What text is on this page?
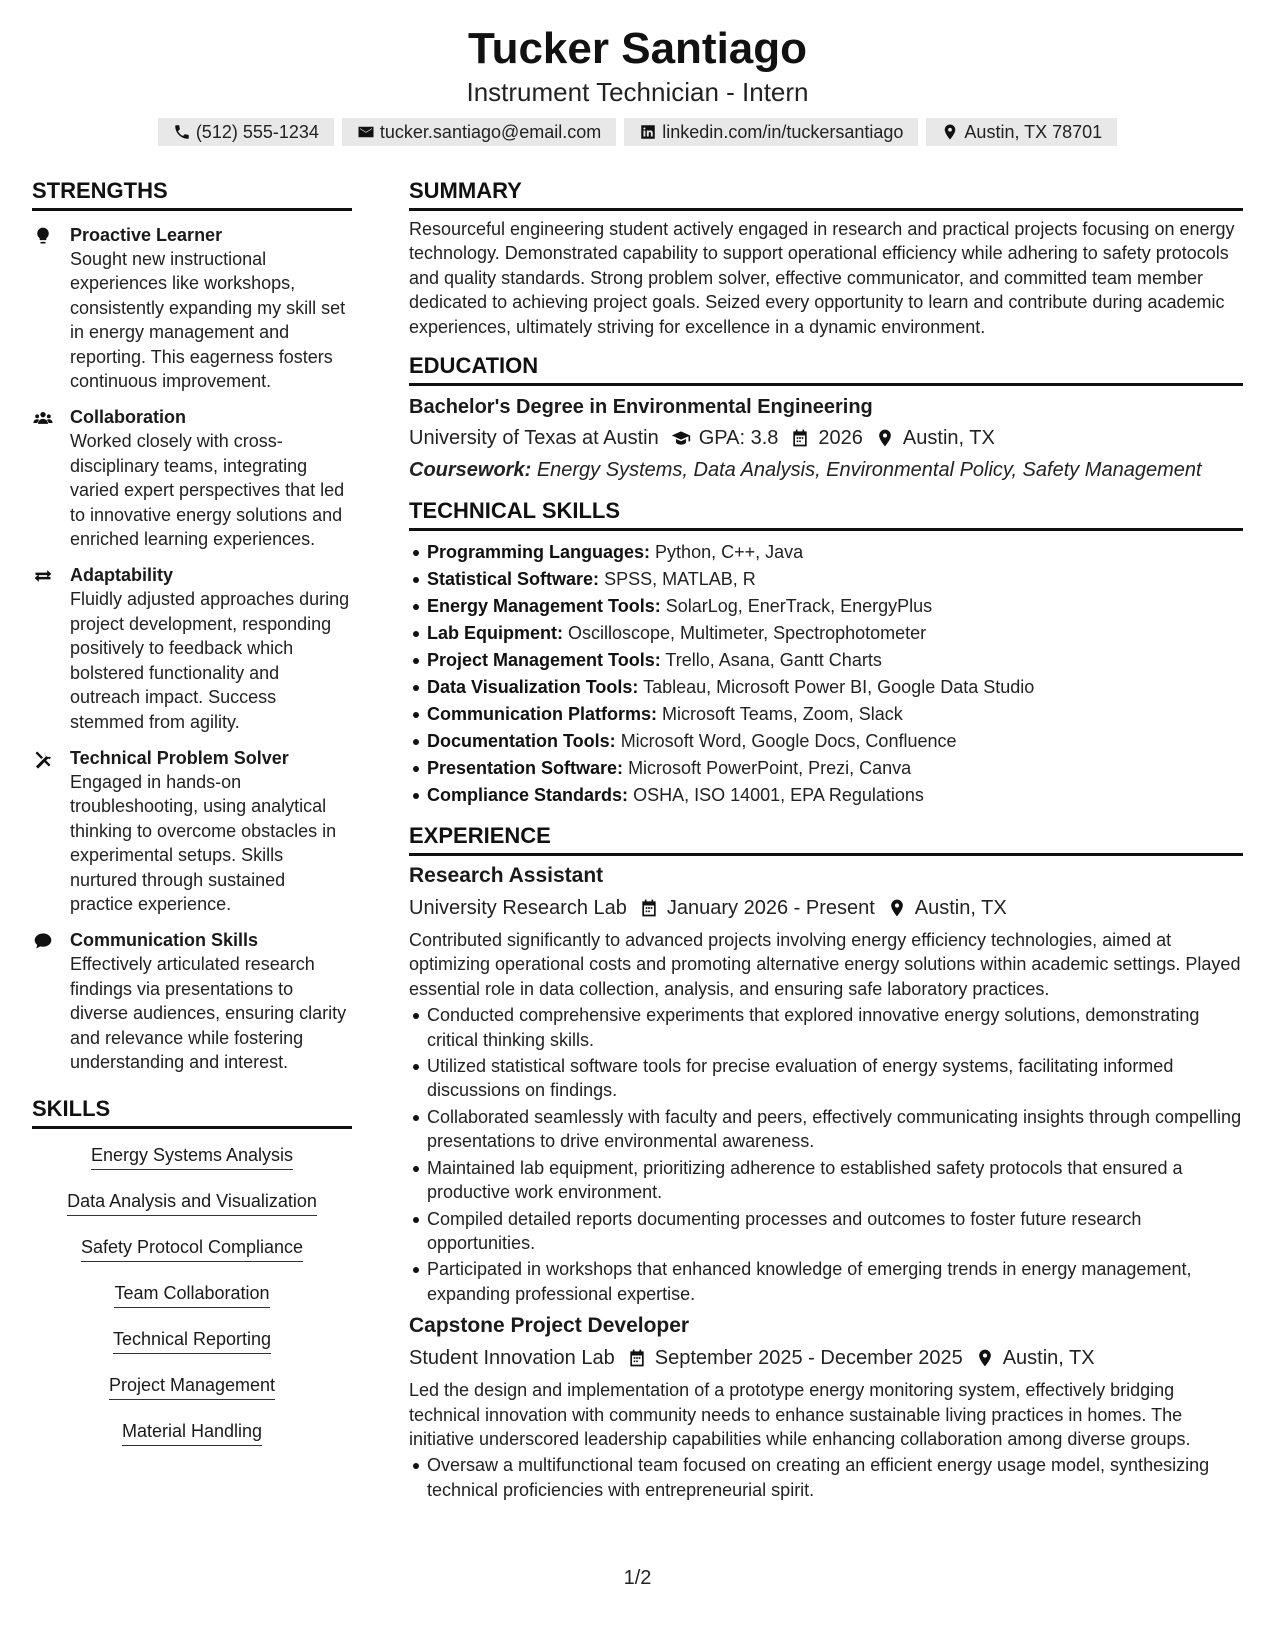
Tucker Santiago
Instrument Technician - Intern
(512) 555-1234	tucker.santiago@email.com	linkedin.com/in/tuckersantiago	Austin, TX 78701
STRENGTHS
Proactive Learner
Sought new instructional experiences like workshops, consistently expanding my skill set in energy management and reporting. This eagerness fosters continuous improvement.
Collaboration
Worked closely with cross-disciplinary teams, integrating varied expert perspectives that led to innovative energy solutions and enriched learning experiences.
Adaptability
Fluidly adjusted approaches during project development, responding positively to feedback which bolstered functionality and outreach impact. Success stemmed from agility.
Technical Problem Solver
Engaged in hands-on troubleshooting, using analytical thinking to overcome obstacles in experimental setups. Skills nurtured through sustained practice experience.
Communication Skills
Effectively articulated research findings via presentations to diverse audiences, ensuring clarity and relevance while fostering understanding and interest.
SKILLS
Energy Systems Analysis
Data Analysis and Visualization
Safety Protocol Compliance
Team Collaboration
Technical Reporting
Project Management
Material Handling
SUMMARY
Resourceful engineering student actively engaged in research and practical projects focusing on energy technology. Demonstrated capability to support operational efficiency while adhering to safety protocols and quality standards. Strong problem solver, effective communicator, and committed team member dedicated to achieving project goals. Seized every opportunity to learn and contribute during academic experiences, ultimately striving for excellence in a dynamic environment.
EDUCATION
Bachelor's Degree in Environmental Engineering
University of Texas at Austin GPA: 3.8 2026 Austin, TX
Coursework: Energy Systems, Data Analysis, Environmental Policy, Safety Management
TECHNICAL SKILLS
Programming Languages: Python, C++, Java
Statistical Software: SPSS, MATLAB, R
Energy Management Tools: SolarLog, EnerTrack, EnergyPlus
Lab Equipment: Oscilloscope, Multimeter, Spectrophotometer
Project Management Tools: Trello, Asana, Gantt Charts
Data Visualization Tools: Tableau, Microsoft Power BI, Google Data Studio
Communication Platforms: Microsoft Teams, Zoom, Slack
Documentation Tools: Microsoft Word, Google Docs, Confluence
Presentation Software: Microsoft PowerPoint, Prezi, Canva
Compliance Standards: OSHA, ISO 14001, EPA Regulations
EXPERIENCE
Research Assistant
University Research Lab January 2026 - Present Austin, TX
Contributed significantly to advanced projects involving energy efficiency technologies, aimed at optimizing operational costs and promoting alternative energy solutions within academic settings. Played essential role in data collection, analysis, and ensuring safe laboratory practices.
Conducted comprehensive experiments that explored innovative energy solutions, demonstrating critical thinking skills.
Utilized statistical software tools for precise evaluation of energy systems, facilitating informed discussions on findings.
Collaborated seamlessly with faculty and peers, effectively communicating insights through compelling presentations to drive environmental awareness.
Maintained lab equipment, prioritizing adherence to established safety protocols that ensured a productive work environment.
Compiled detailed reports documenting processes and outcomes to foster future research opportunities.
Participated in workshops that enhanced knowledge of emerging trends in energy management, expanding professional expertise.
Capstone Project Developer
Student Innovation Lab September 2025 - December 2025 Austin, TX
Led the design and implementation of a prototype energy monitoring system, effectively bridging technical innovation with community needs to enhance sustainable living practices in homes. The initiative underscored leadership capabilities while enhancing collaboration among diverse groups.
Oversaw a multifunctional team focused on creating an efficient energy usage model, synthesizing technical proficiencies with entrepreneurial spirit.
1/2
